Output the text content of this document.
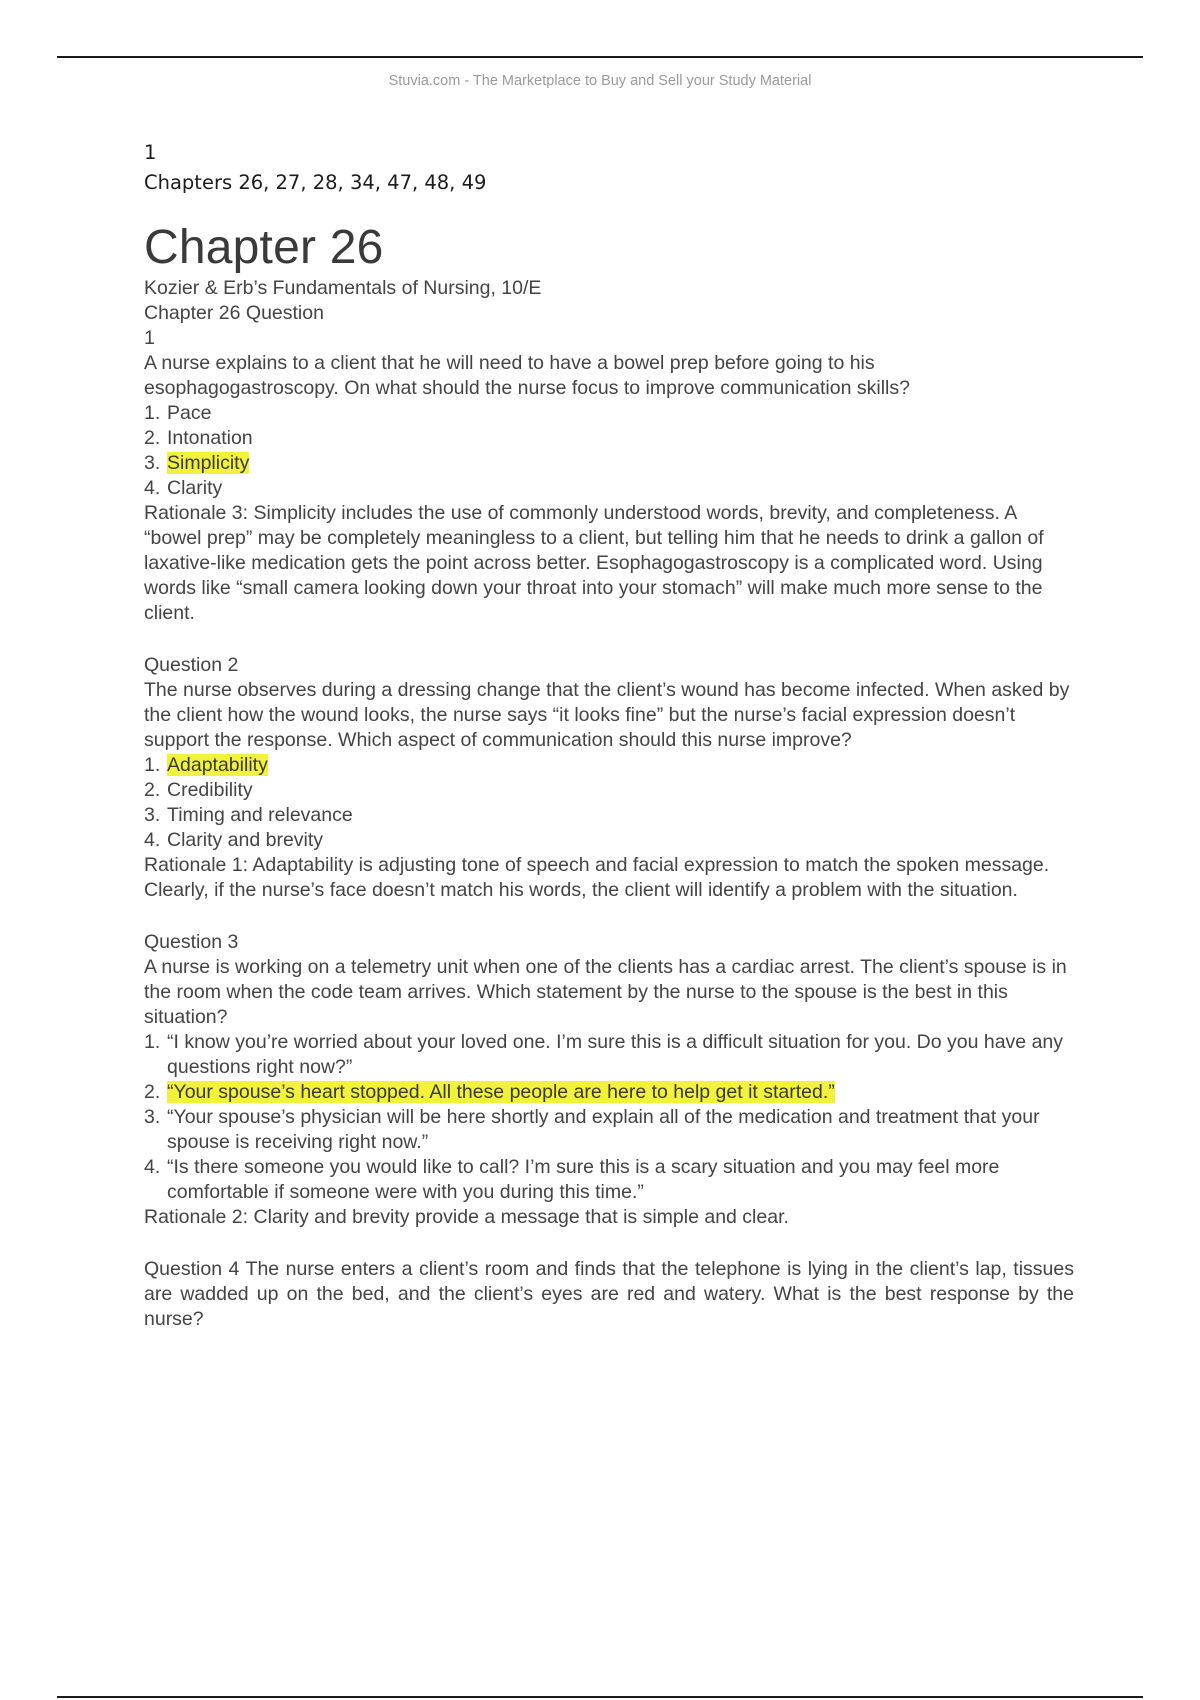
Stuvia.com - The Marketplace to Buy and Sell your Study Material
1
Chapters 26, 27, 28, 34, 47, 48, 49
Chapter 26
Kozier & Erb’s Fundamentals of Nursing, 10/E
Chapter 26 Question
1
A nurse explains to a client that he will need to have a bowel prep before going to his esophagogastroscopy. On what should the nurse focus to improve communication skills?
1. Pace
2. Intonation
3. Simplicity
4. Clarity
Rationale 3: Simplicity includes the use of commonly understood words, brevity, and completeness. A “bowel prep” may be completely meaningless to a client, but telling him that he needs to drink a gallon of laxative-like medication gets the point across better. Esophagogastroscopy is a complicated word. Using words like “small camera looking down your throat into your stomach” will make much more sense to the client.
Question 2
The nurse observes during a dressing change that the client’s wound has become infected. When asked by the client how the wound looks, the nurse says “it looks fine” but the nurse’s facial expression doesn’t support the response. Which aspect of communication should this nurse improve?
1. Adaptability
2. Credibility
3. Timing and relevance
4. Clarity and brevity
Rationale 1: Adaptability is adjusting tone of speech and facial expression to match the spoken message. Clearly, if the nurse’s face doesn’t match his words, the client will identify a problem with the situation.
Question 3
A nurse is working on a telemetry unit when one of the clients has a cardiac arrest. The client’s spouse is in the room when the code team arrives. Which statement by the nurse to the spouse is the best in this situation?
1. “I know you’re worried about your loved one. I’m sure this is a difficult situation for you. Do you have any questions right now?”
2. “Your spouse’s heart stopped. All these people are here to help get it started.”
3. “Your spouse’s physician will be here shortly and explain all of the medication and treatment that your spouse is receiving right now.”
4. “Is there someone you would like to call? I’m sure this is a scary situation and you may feel more comfortable if someone were with you during this time.”
Rationale 2: Clarity and brevity provide a message that is simple and clear.
Question 4 The nurse enters a client’s room and finds that the telephone is lying in the client’s lap, tissues are wadded up on the bed, and the client’s eyes are red and watery. What is the best response by the nurse?
